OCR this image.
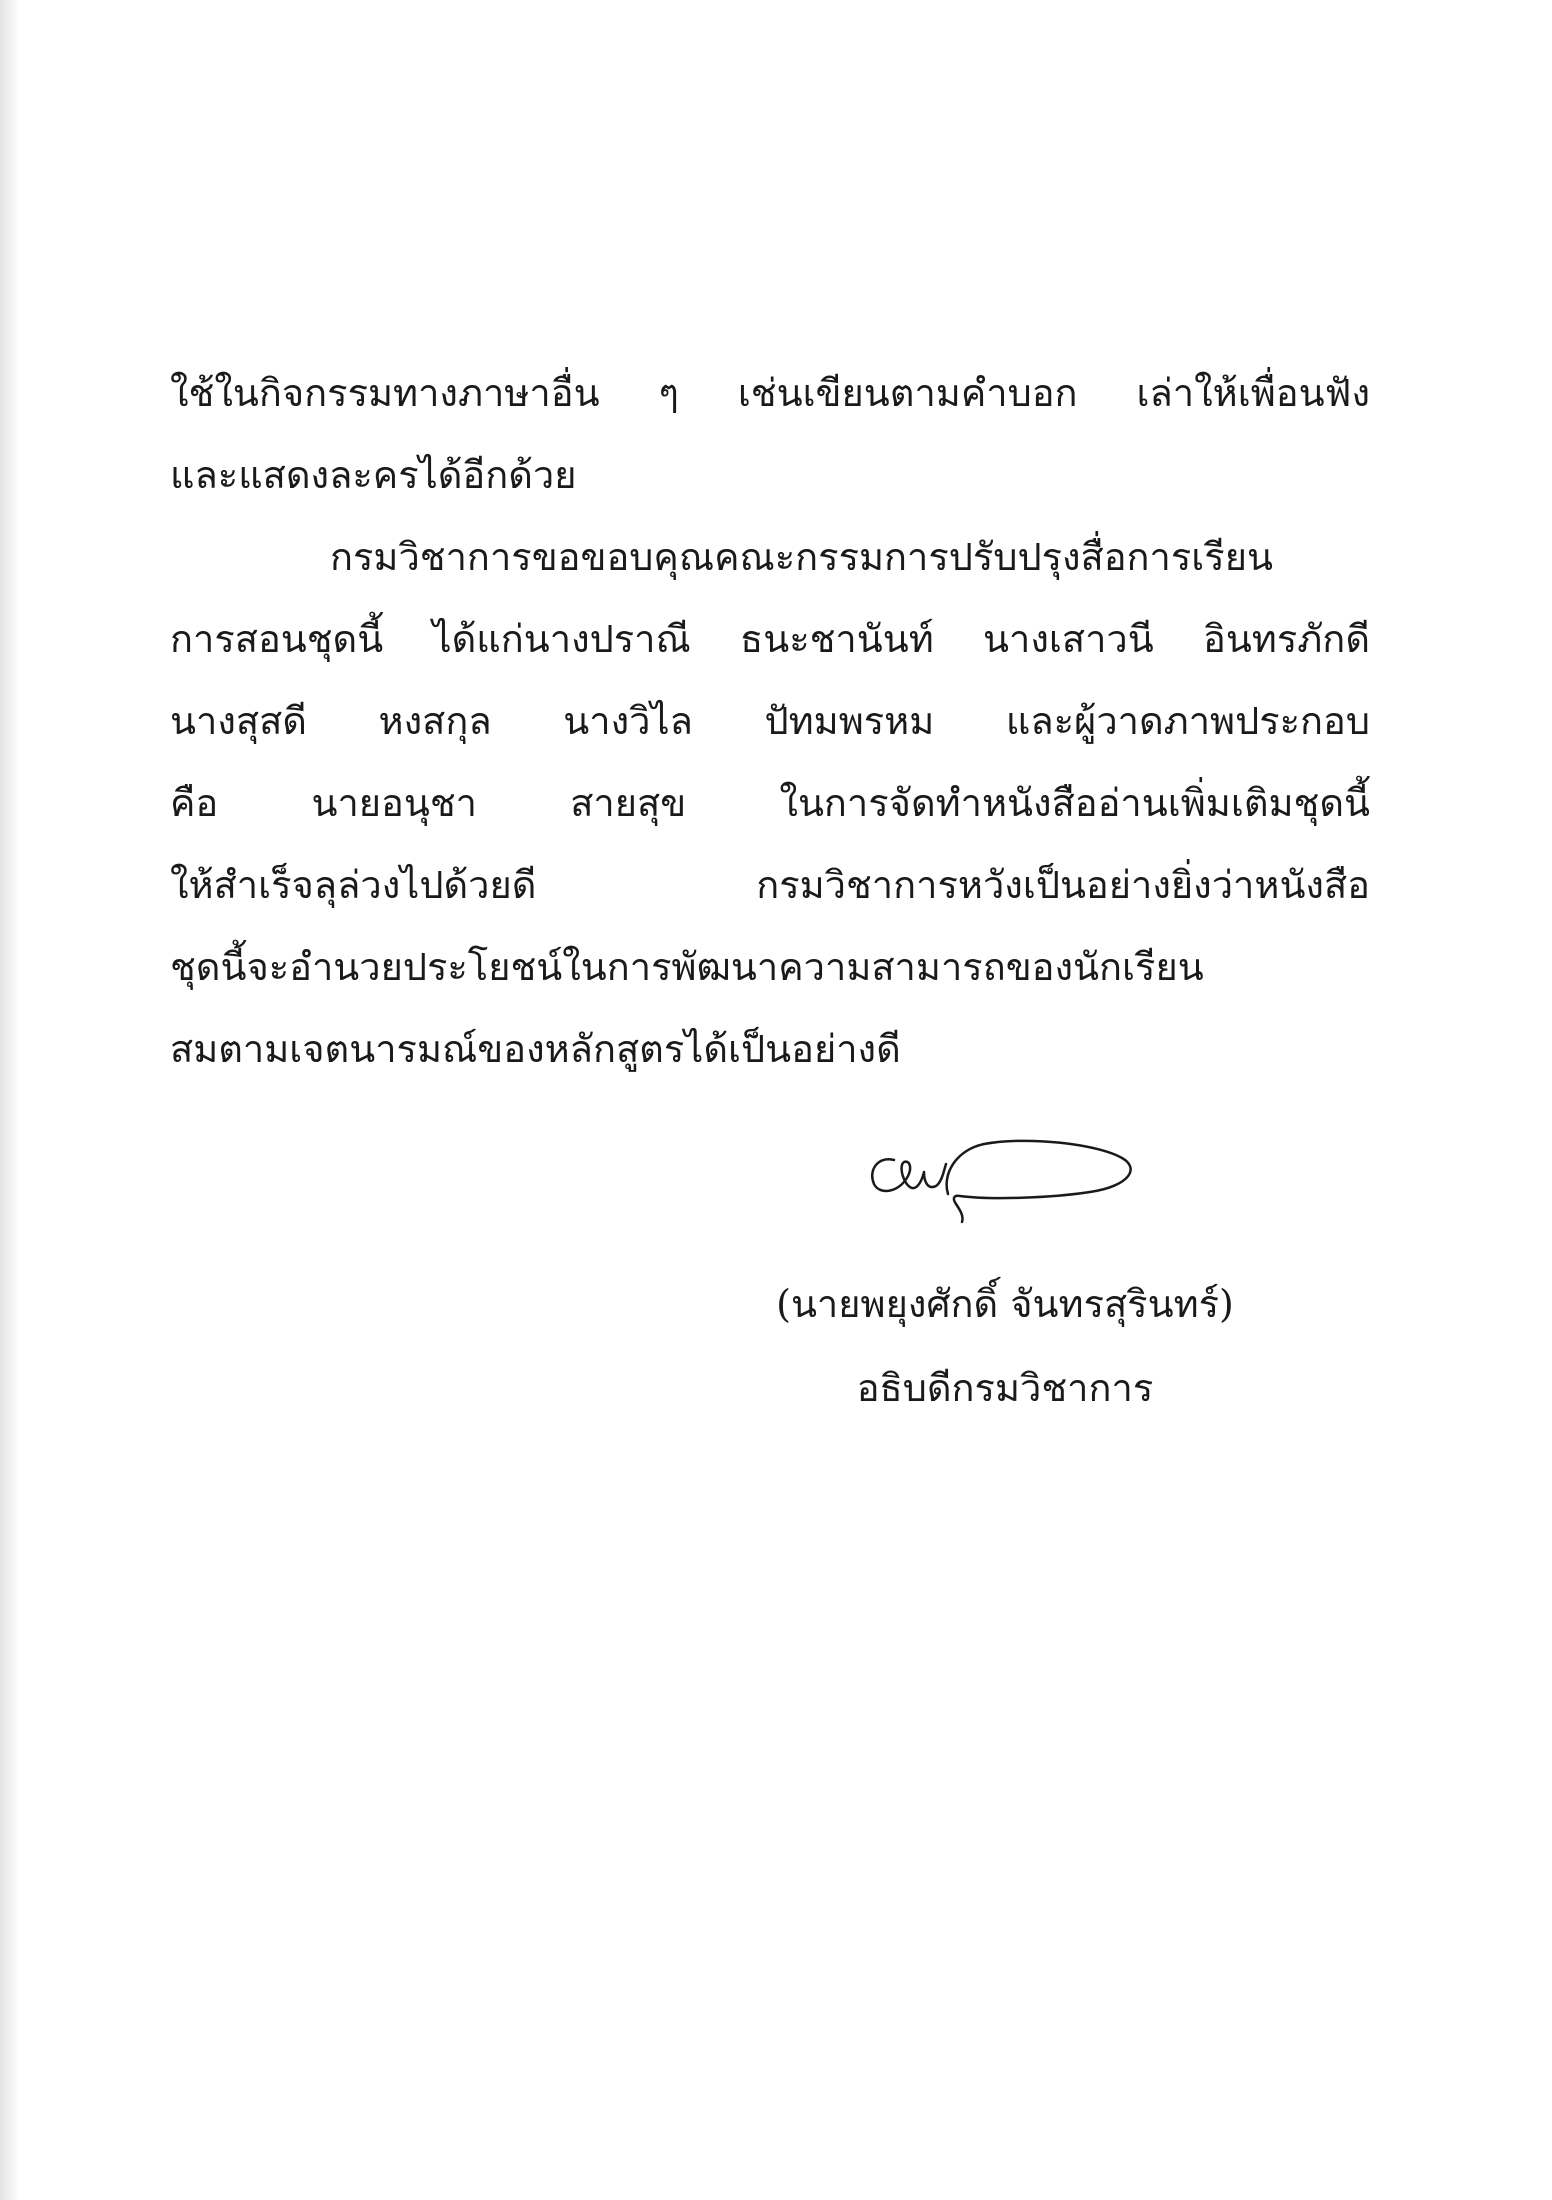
ใช้ในกิจกรรมทางภาษาอื่น ๆ เช่นเขียนตามคำบอก เล่าให้เพื่อนฟัง
และแสดงละครได้อีกด้วย
กรมวิชาการขอขอบคุณคณะกรรมการปรับปรุงสื่อการเรียน
การสอนชุดนี้ ได้แก่นางปราณี ธนะชานันท์ นางเสาวนี อินทรภักดี
นางสุสดี หงสกุล นางวิไล ปัทมพรหม และผู้วาดภาพประกอบ
คือ นายอนุชา สายสุข ในการจัดทำหนังสืออ่านเพิ่มเติมชุดนี้
ให้สำเร็จลุล่วงไปด้วยดี กรมวิชาการหวังเป็นอย่างยิ่งว่าหนังสือ
ชุดนี้จะอำนวยประโยชน์ในการพัฒนาความสามารถของนักเรียน
สมตามเจตนารมณ์ของหลักสูตรได้เป็นอย่างดี
(นายพยุงศักดิ์ จันทรสุรินทร์)
อธิบดีกรมวิชาการ
